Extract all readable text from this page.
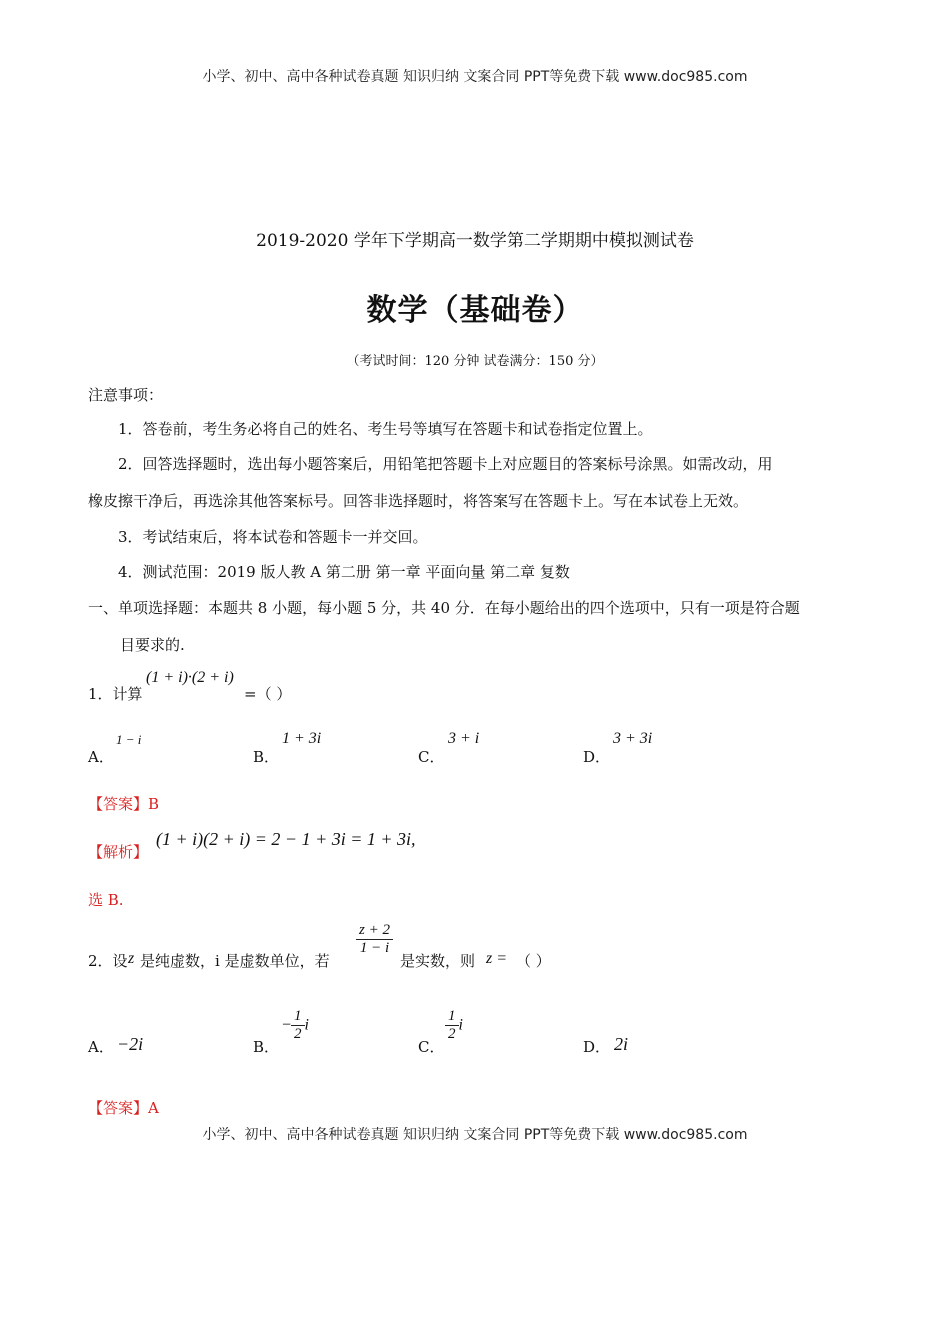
小学、初中、高中各种试卷真题 知识归纳 文案合同 PPT等免费下载 www.doc985.com
小学、初中、高中各种试卷真题 知识归纳 文案合同 PPT等免费下载 www.doc985.com
2019-2020 学年下学期高一数学第二学期期中模拟测试卷
数学（基础卷）
（考试时间：120 分钟 试卷满分：150 分）
注意事项：
1．答卷前，考生务必将自己的姓名、考生号等填写在答题卡和试卷指定位置上。
2．回答选择题时，选出每小题答案后，用铅笔把答题卡上对应题目的答案标号涂黑。如需改动，用
橡皮擦干净后，再选涂其他答案标号。回答非选择题时，将答案写在答题卡上。写在本试卷上无效。
3．考试结束后，将本试卷和答题卡一并交回。
4．测试范围：2019 版人教 A 第二册 第一章 平面向量 第二章 复数
一、单项选择题：本题共 8 小题，每小题 5 分，共 40 分．在每小题给出的四个选项中，只有一项是符合题
目要求的.
1．计算
(1 + i)·(2 + i)
=（ ）
A．
1 − i
B．
1 + 3i
C．
3 + i
D．
3 + 3i
【答案】B
【解析】
(1 + i)(2 + i) = 2 − 1 + 3i = 1 + 3i,
选 B.
2．设 z 是纯虚数，i 是虚数单位，若
$\frac{z + 2}{1 - i}$
是实数，则 z = （ ）
A． −2i	B．
− $\frac{1}{2}$ i
C．
$\frac{1}{2}$ i
D． 2i
【答案】A
